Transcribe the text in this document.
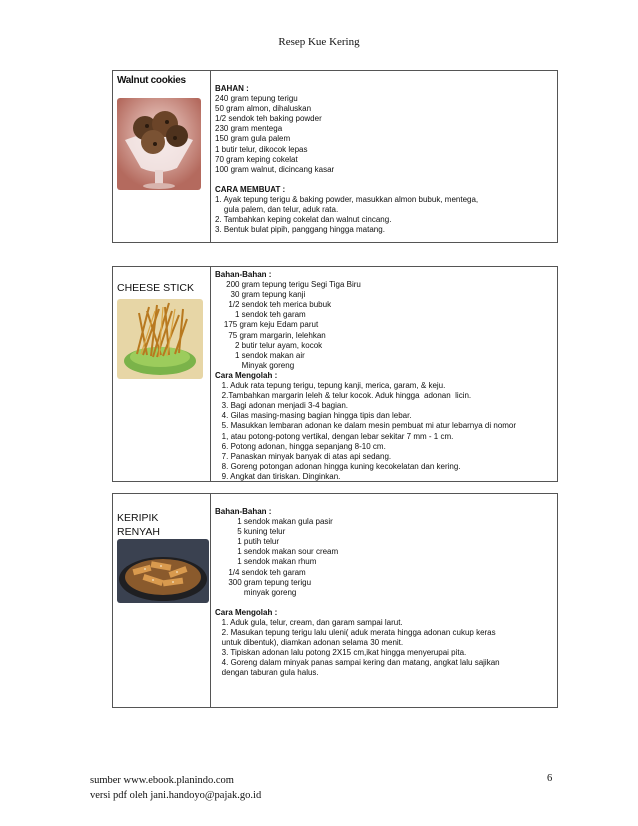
Resep Kue Kering
Walnut cookies
BAHAN :
240 gram tepung terigu
50 gram almon, dihaluskan
1/2 sendok teh baking powder
230 gram mentega
150 gram gula palem
1 butir telur, dikocok lepas
70 gram keping cokelat
100 gram walnut, dicincang kasar
CARA MEMBUAT :
1. Ayak tepung terigu & baking powder, masukkan almon bubuk, mentega,
gula palem, dan telur, aduk rata.
2. Tambahkan keping cokelat dan walnut cincang.
3. Bentuk bulat pipih, panggang hingga matang.
CHEESE STICK
Bahan-Bahan :
200 gram tepung terigu Segi Tiga Biru
30 gram tepung kanji
1/2 sendok teh merica bubuk
1 sendok teh garam
175 gram keju Edam parut
75 gram margarin, lelehkan
2 butir telur ayam, kocok
1 sendok makan air
Minyak goreng
Cara Mengolah :
1. Aduk rata tepung terigu, tepung kanji, merica, garam, & keju.
2.Tambahkan margarin leleh & telur kocok. Aduk hingga  adonan  licin.
3. Bagi adonan menjadi 3-4 bagian.
4. Gilas masing-masing bagian hingga tipis dan lebar.
5. Masukkan lembaran adonan ke dalam mesin pembuat mi atur lebarnya di nomor
1, atau potong-potong vertikal, dengan lebar sekitar 7 mm - 1 cm.
6. Potong adonan, hingga sepanjang 8-10 cm.
7. Panaskan minyak banyak di atas api sedang.
8. Goreng potongan adonan hingga kuning kecokelatan dan kering.
9. Angkat dan tiriskan. Dinginkan.
KERIPIK
RENYAH
Bahan-Bahan :
1 sendok makan gula pasir
5 kuning telur
1 putih telur
1 sendok makan sour cream
1 sendok makan rhum
1/4 sendok teh garam
300 gram tepung terigu
minyak goreng
Cara Mengolah :
1. Aduk gula, telur, cream, dan garam sampai larut.
2. Masukan tepung terigu lalu uleni( aduk merata hingga adonan cukup keras
untuk dibentuk), diamkan adonan selama 30 menit.
3. Tipiskan adonan lalu potong 2X15 cm,ikat hingga menyerupai pita.
4. Goreng dalam minyak panas sampai kering dan matang, angkat lalu sajikan
dengan taburan gula halus.
sumber www.ebook.planindo.com
versi pdf oleh jani.handoyo@pajak.go.id
6
